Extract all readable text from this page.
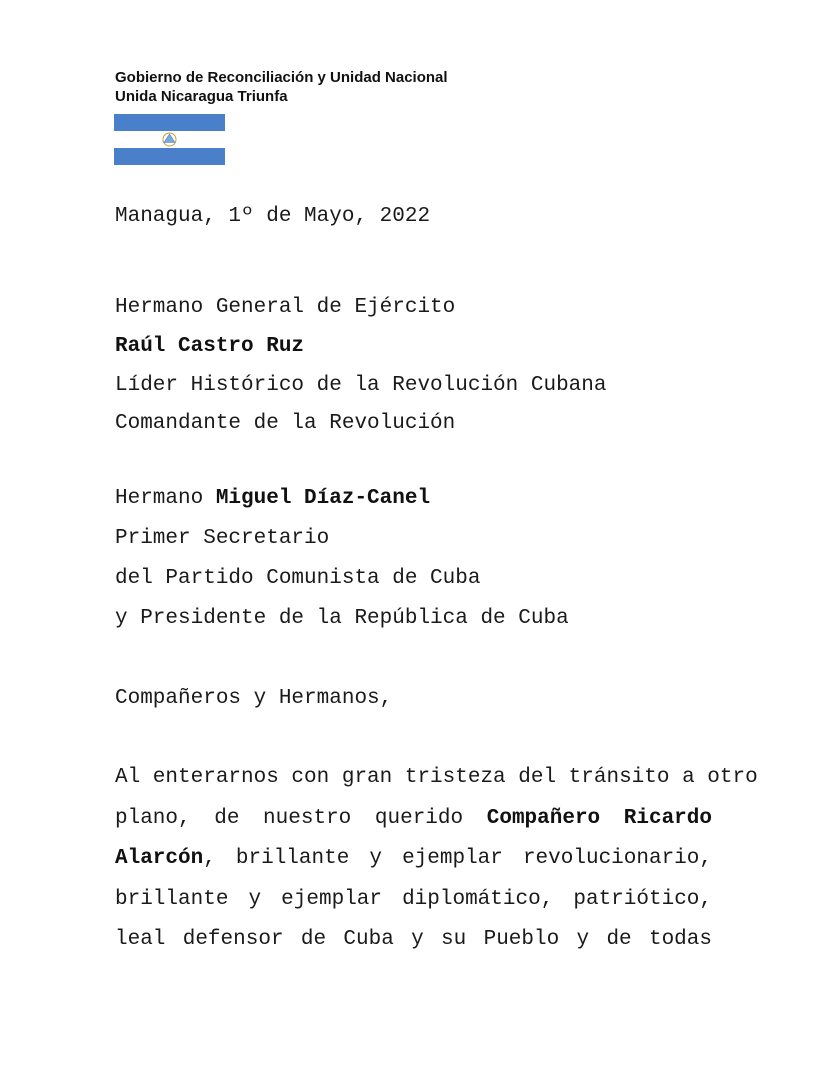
Gobierno de Reconciliación y Unidad Nacional
Unida Nicaragua Triunfa
Managua, 1º de Mayo, 2022
Hermano General de Ejército
Raúl Castro Ruz
Líder Histórico de la Revolución Cubana
Comandante de la Revolución
Hermano Miguel Díaz-Canel
Primer Secretario
del Partido Comunista de Cuba
y Presidente de la República de Cuba
Compañeros y Hermanos,
Al enterarnos con gran tristeza del tránsito a otro
plano, de nuestro querido Compañero Ricardo
Alarcón, brillante y ejemplar revolucionario,
brillante y ejemplar diplomático, patriótico,
leal defensor de Cuba y su Pueblo y de todas
